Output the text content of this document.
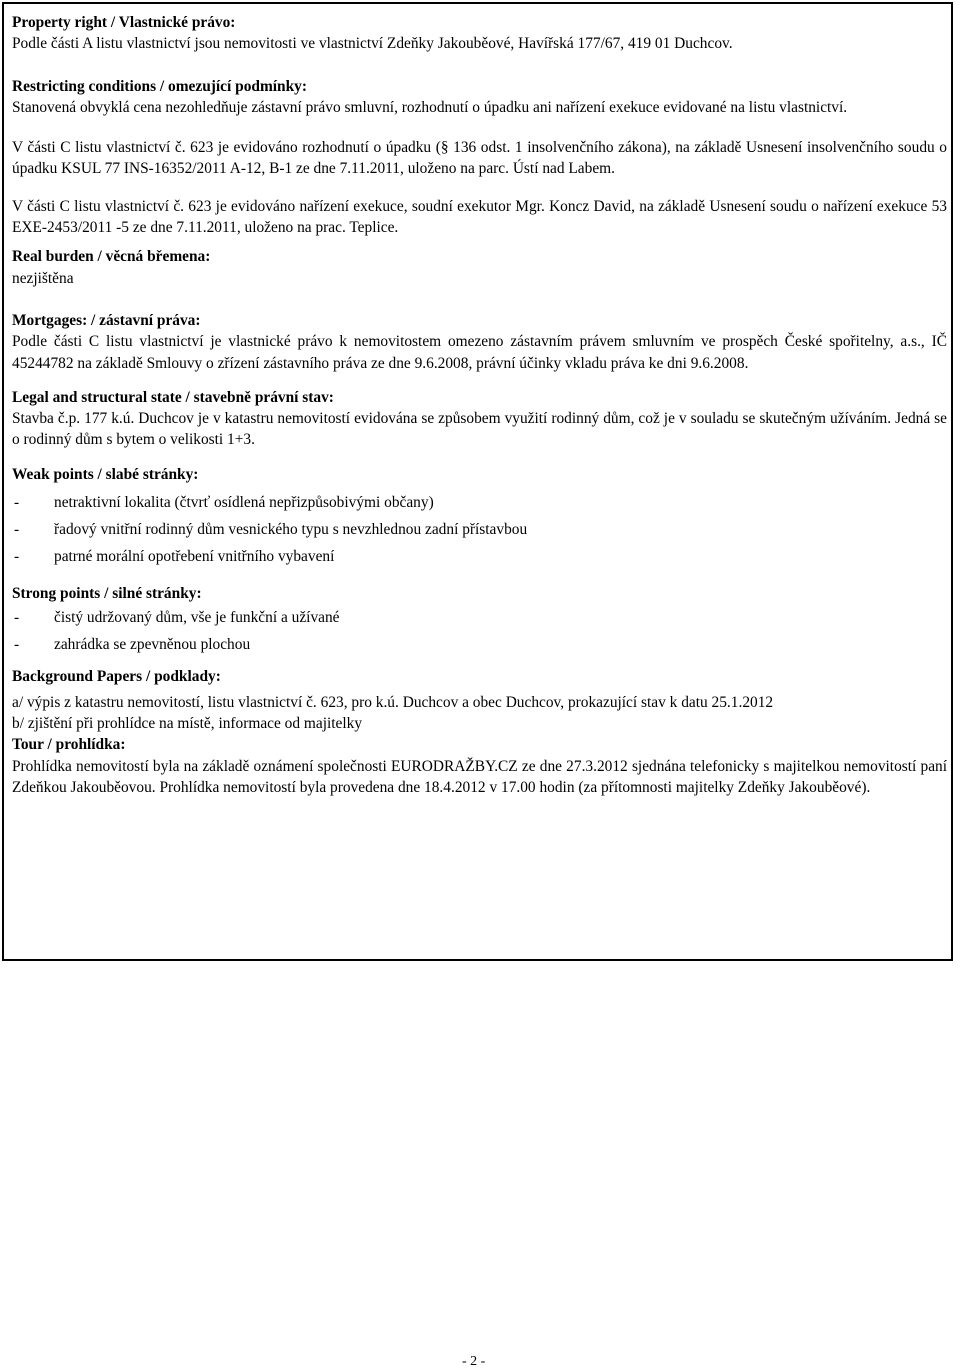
Property right / Vlastnické právo:
Podle části A listu vlastnictví jsou nemovitosti ve vlastnictví Zdeňky Jakouběové, Havířská 177/67, 419 01 Duchcov.
Restricting conditions / omezující podmínky:
Stanovená obvyklá cena nezohledňuje zástavní právo smluvní, rozhodnutí o úpadku ani nařízení exekuce evidované na listu vlastnictví.
V části C listu vlastnictví č. 623 je evidováno rozhodnutí o úpadku (§ 136 odst. 1 insolvenčního zákona), na základě Usnesení insolvenčního soudu o úpadku KSUL 77 INS-16352/2011 A-12, B-1 ze dne 7.11.2011, uloženo na parc. Ústí nad Labem.
V části C listu vlastnictví č. 623 je evidováno nařízení exekuce, soudní exekutor Mgr. Koncz David, na základě Usnesení soudu o nařízení exekuce 53 EXE-2453/2011 -5 ze dne 7.11.2011, uloženo na prac. Teplice.
Real burden / věcná břemena:
nezjištěna
Mortgages: / zástavní práva:
Podle části C listu vlastnictví je vlastnické právo k nemovitostem omezeno zástavním právem smluvním ve prospěch České spořitelny, a.s., IČ 45244782 na základě Smlouvy o zřízení zástavního práva ze dne 9.6.2008, právní účinky vkladu práva ke dni 9.6.2008.
Legal and structural state / stavebně právní stav:
Stavba č.p. 177 k.ú. Duchcov je v katastru nemovitostí evidována se způsobem využití rodinný dům, což je v souladu se skutečným užíváním. Jedná se o rodinný dům s bytem o velikosti 1+3.
Weak points / slabé stránky:
- netraktivní lokalita (čtvrť osídlená nepřizpůsobivými občany)
- řadový vnitřní rodinný dům vesnického typu s nevzhlednou zadní přístavbou
- patrné morální opotřebení vnitřního vybavení
Strong points / silné stránky:
- čistý udržovaný dům, vše je funkční a užívané
- zahrádka se zpevněnou plochou
Background Papers / podklady:
a/ výpis z katastru nemovitostí, listu vlastnictví č. 623, pro k.ú. Duchcov a obec Duchcov, prokazující stav k datu 25.1.2012
b/ zjištění při prohlídce na místě, informace od majitelky
Tour / prohlídka:
Prohlídka nemovitostí byla na základě oznámení společnosti EURODRAŽBY.CZ ze dne 27.3.2012 sjednána telefonicky s majitelkou nemovitostí paní Zdeňkou Jakouběovou. Prohlídka nemovitostí byla provedena dne 18.4.2012 v 17.00 hodin (za přítomnosti majitelky Zdeňky Jakouběové).
- 2 -
